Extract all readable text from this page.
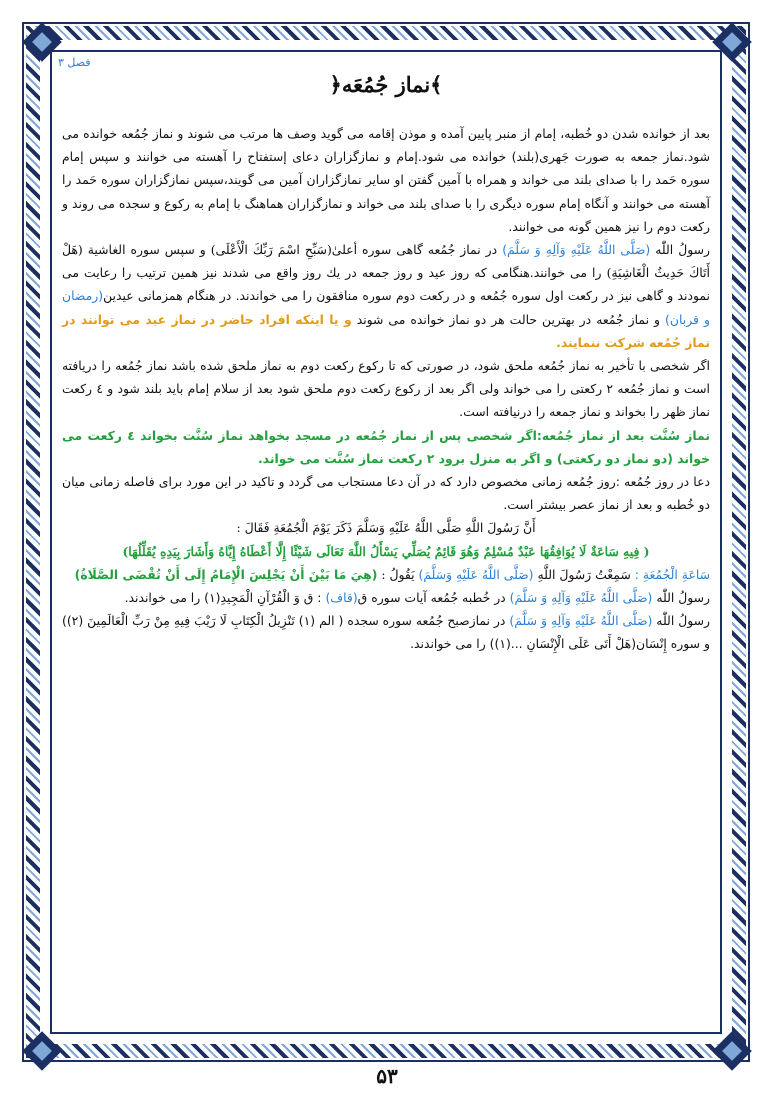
فصل ۳
﴿نماز جُمُعَه﴾

بعد از خوانده شدن دو خُطبه، إمام از منبر پایین آمده و موذن إقامه می گوید وصف ها مرتب می شوند و نماز جُمُعه خوانده می شود.نماز جمعه به صورت جَهری(بلند) خوانده می شود.إمام و نمازگزاران دعای إستفتاح را آهسته می خوانند و سپس إمام سوره حَمد را با صدای بلند می خواند و همراه با آمین گفتن او سایر نمازگزاران آمین می گویند،سپس نمازگزاران سوره حَمد را آهسته می خوانند و آنگاه إمام سوره دیگری را با صدای بلند می خواند و نمازگزاران هماهنگ با إمام به رکوع و سجده می روند و رکعت دوم را نیز همین گونه می خوانند.

رسولُ اللّٰه (صَلَّى اللَّهُ عَلَيْهِ وَآلِهِ وَ سَلَّمَ) در نماز جُمُعه گاهی سوره أعلیٰ(سَبِّحِ اسْمَ رَبِّكَ الْأَعْلَى) و سپس سوره الغاشیة (هَلْ أَتَاكَ حَدِيثُ الْغَاشِيَةِ) را می خوانند.هنگامی که روز عید و روز جمعه در یك روز واقع می شدند نیز همین ترتیب را رعایت می نمودند و گاهی نیز در رکعت اول سوره جُمُعه و در رکعت دوم سوره منافقون را می خواندند. در هنگام همزمانی عیدین(رمضان و قربان) و نماز جُمُعه در بهترین حالت هر دو نماز خوانده می شوند و یا اینکه افراد حاضر در نماز عید می توانند در نماز جُمُعه شرکت ننمایند.

اگر شخصی با تأخیر به نماز جُمُعه ملحق شود، در صورتی که تا رکوع رکعت دوم به نماز ملحق شده باشد نماز جُمُعه را دریافته است و نماز جُمُعه ۲ رکعتی را می خواند ولی اگر بعد از رکوع رکعت دوم ملحق شود بعد از سلام إمام باید بلند شود و ٤ رکعت نماز ظهر را بخواند و نماز جمعه را درنیافته است.

نماز سُنَّت بعد از نماز جُمُعه:اگر شخصی پس از نماز جُمُعه در مسجد بخواهد نماز سُنَّت بخواند ٤ رکعت می خواند (دو نماز دو رکعتی) و اگر به منزل برود ۲ رکعت نماز سُنَّت می خواند.

دعا در روز جُمُعه :روز جُمُعه زمانی مخصوص دارد که در آن دعا مستجاب می گردد و تاکید در این مورد برای فاصله زمانی میان دو خُطبه و بعد از نماز عصر بیشتر است.

أَنَّ رَسُولَ اللَّهِ صَلَّى اللَّهُ عَلَيْهِ وَسَلَّمَ ذَكَرَ يَوْمَ الْجُمُعَةِ فَقَالَ :

( فِيهِ سَاعَةٌ لَا يُوَافِقُهَا عَبْدٌ مُسْلِمٌ وَهُوَ قَائِمٌ يُصَلِّي يَسْأَلُ اللَّهَ تَعَالَى شَيْئًا إِلَّا أَعْطَاهُ إِيَّاهُ وَأَشَارَ بِيَدِهِ يُقَلِّلُهَا)

سَاعَةِ الْجُمُعَةِ : سَمِعْتُ رَسُولَ اللَّهِ (صَلَّى اللَّهُ عَلَيْهِ وَسَلَّمَ) يَقُولُ : (هِيَ مَا بَيْنَ أَنْ يَجْلِسَ الْإِمَامُ إِلَى أَنْ تُقْضَى الصَّلَاةُ)

رسولُ اللّٰه (صَلَّى اللَّهُ عَلَيْهِ وَآلِهِ وَ سَلَّمَ) در خُطبه جُمُعه آیات سوره ق(قاف) : ق وَ الْقُرْآنِ الْمَجِيدِ(۱) را می خواندند.

رسولُ اللّٰه (صَلَّى اللَّهُ عَلَيْهِ وَآلِهِ وَ سَلَّمَ) در نمازصبح جُمُعه سوره سجده ( الم (۱) تَنْزِيلُ الْكِتَابِ لَا رَيْبَ فِيهِ مِنْ رَبِّ الْعَالَمِينَ (۲)) و سوره إِنْسَان(هَلْ أَتَى عَلَى الْإِنْسَانِ ...(۱)) را می خواندند.

۵۳
